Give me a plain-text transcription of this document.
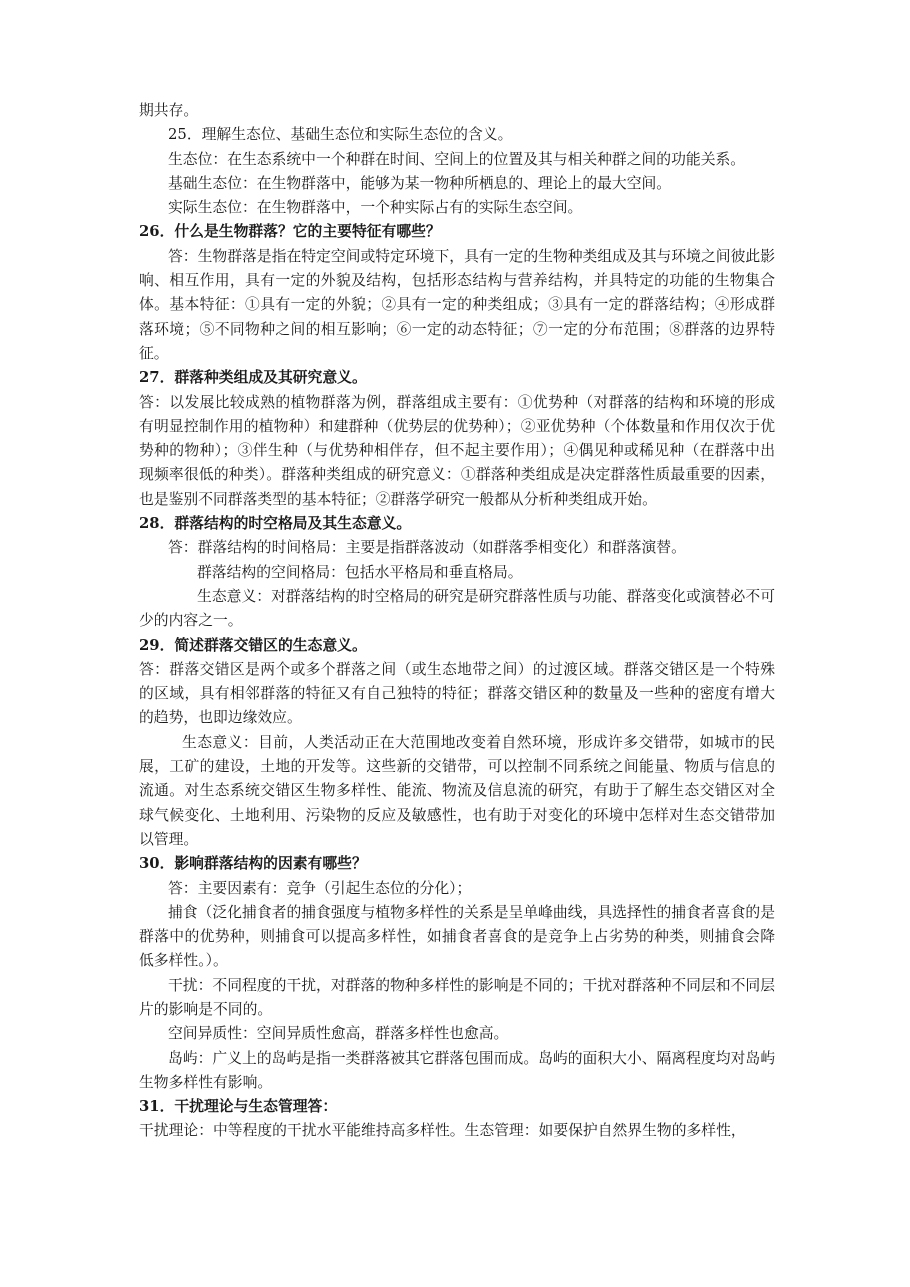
期共存。

25．理解生态位、基础生态位和实际生态位的含义。

生态位：在生态系统中一个种群在时间、空间上的位置及其与相关种群之间的功能关系。

基础生态位：在生物群落中，能够为某一物种所栖息的、理论上的最大空间。

实际生态位：在生物群落中，一个种实际占有的实际生态空间。

26．什么是生物群落？它的主要特征有哪些？

答：生物群落是指在特定空间或特定环境下，具有一定的生物种类组成及其与环境之间彼此影响、相互作用，具有一定的外貌及结构，包括形态结构与营养结构，并具特定的功能的生物集合体。基本特征：①具有一定的外貌；②具有一定的种类组成；③具有一定的群落结构；④形成群落环境；⑤不同物种之间的相互影响；⑥一定的动态特征；⑦一定的分布范围；⑧群落的边界特征。

27．群落种类组成及其研究意义。

答：以发展比较成熟的植物群落为例，群落组成主要有：①优势种（对群落的结构和环境的形成有明显控制作用的植物种）和建群种（优势层的优势种）；②亚优势种（个体数量和作用仅次于优势种的物种）；③伴生种（与优势种相伴存，但不起主要作用）；④偶见种或稀见种（在群落中出现频率很低的种类）。群落种类组成的研究意义：①群落种类组成是决定群落性质最重要的因素，也是鉴别不同群落类型的基本特征；②群落学研究一般都从分析种类组成开始。

28．群落结构的时空格局及其生态意义。

答：群落结构的时间格局：主要是指群落波动（如群落季相变化）和群落演替。

群落结构的空间格局：包括水平格局和垂直格局。

生态意义：对群落结构的时空格局的研究是研究群落性质与功能、群落变化或演替必不可少的内容之一。

29．简述群落交错区的生态意义。

答：群落交错区是两个或多个群落之间（或生态地带之间）的过渡区域。群落交错区是一个特殊的区域，具有相邻群落的特征又有自己独特的特征；群落交错区种的数量及一些种的密度有增大的趋势，也即边缘效应。

生态意义：目前，人类活动正在大范围地改变着自然环境，形成许多交错带，如城市的民展，工矿的建设，土地的开发等。这些新的交错带，可以控制不同系统之间能量、物质与信息的流通。对生态系统交错区生物多样性、能流、物流及信息流的研究，有助于了解生态交错区对全球气候变化、土地利用、污染物的反应及敏感性，也有助于对变化的环境中怎样对生态交错带加以管理。

30．影响群落结构的因素有哪些？

答：主要因素有：竞争（引起生态位的分化）；

捕食（泛化捕食者的捕食强度与植物多样性的关系是呈单峰曲线，具选择性的捕食者喜食的是群落中的优势种，则捕食可以提高多样性，如捕食者喜食的是竞争上占劣势的种类，则捕食会降低多样性。）。

干扰：不同程度的干扰，对群落的物种多样性的影响是不同的；干扰对群落种不同层和不同层片的影响是不同的。

空间异质性：空间异质性愈高，群落多样性也愈高。

岛屿：广义上的岛屿是指一类群落被其它群落包围而成。岛屿的面积大小、隔离程度均对岛屿生物多样性有影响。

31．干扰理论与生态管理答：

干扰理论：中等程度的干扰水平能维持高多样性。生态管理：如要保护自然界生物的多样性，
